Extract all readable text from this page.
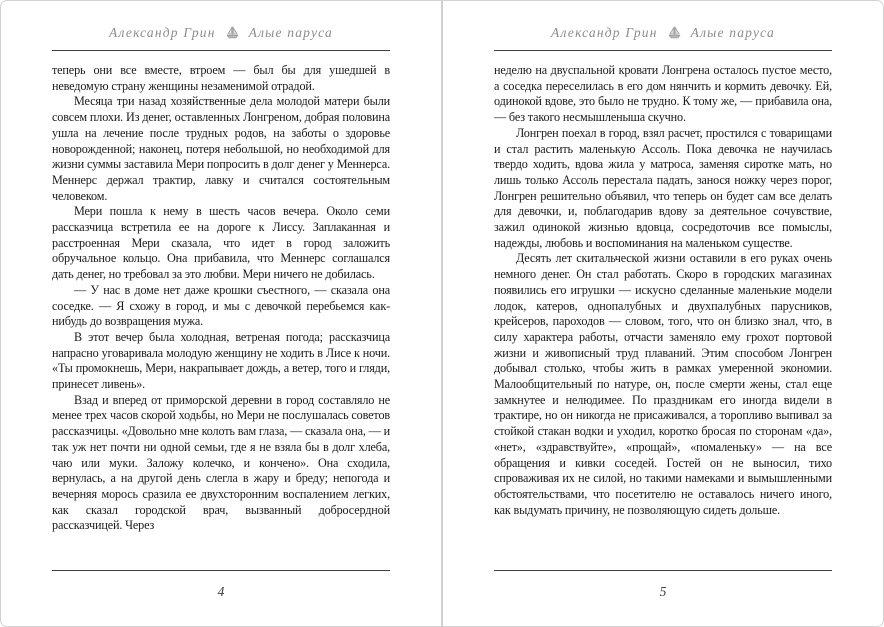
Александр Грин Алые паруса

теперь они все вместе, втроем — был бы для ушедшей в неведомую страну женщины незаменимой отрадой.

Месяца три назад хозяйственные дела молодой матери были совсем плохи. Из денег, оставленных Лонгреном, добрая половина ушла на лечение после трудных родов, на заботы о здоровье новорожденной; наконец, потеря небольшой, но необходимой для жизни суммы заставила Мери попросить в долг денег у Меннерса. Меннерс держал трактир, лавку и считался состоятельным человеком.

Мери пошла к нему в шесть часов вечера. Около семи рассказчица встретила ее на дороге к Лиссу. Заплаканная и расстроенная Мери сказала, что идет в город заложить обручальное кольцо. Она прибавила, что Меннерс соглашался дать денег, но требовал за это любви. Мери ничего не добилась.

— У нас в доме нет даже крошки съестного, — сказала она соседке. — Я схожу в город, и мы с девочкой перебьемся как-нибудь до возвращения мужа.

В этот вечер была холодная, ветреная погода; рассказчица напрасно уговаривала молодую женщину не ходить в Лисе к ночи. «Ты промокнешь, Мери, накрапывает дождь, а ветер, того и гляди, принесет ливень».

Взад и вперед от приморской деревни в город составляло не менее трех часов скорой ходьбы, но Мери не послушалась советов рассказчицы. «Довольно мне колоть вам глаза, — сказала она, — и так уж нет почти ни одной семьи, где я не взяла бы в долг хлеба, чаю или муки. Заложу колечко, и кончено». Она сходила, вернулась, а на другой день слегла в жару и бреду; непогода и вечерняя морось сразила ее двухсторонним воспалением легких, как сказал городской врач, вызванный добросердной рассказчицей. Через

4
Александр Грин Алые паруса

неделю на двуспальной кровати Лонгрена осталось пустое место, а соседка переселилась в его дом нянчить и кормить девочку. Ей, одинокой вдове, это было не трудно. К тому же, — прибавила она, — без такого несмышленыша скучно.

Лонгрен поехал в город, взял расчет, простился с товарищами и стал растить маленькую Ассоль. Пока девочка не научилась твердо ходить, вдова жила у матроса, заменяя сиротке мать, но лишь только Ассоль перестала падать, занося ножку через порог, Лонгрен решительно объявил, что теперь он будет сам все делать для девочки, и, поблагодарив вдову за деятельное сочувствие, зажил одинокой жизнью вдовца, сосредоточив все помыслы, надежды, любовь и воспоминания на маленьком существе.

Десять лет скитальческой жизни оставили в его руках очень немного денег. Он стал работать. Скоро в городских магазинах появились его игрушки — искусно сделанные маленькие модели лодок, катеров, однопалубных и двухпалубных парусников, крейсеров, пароходов — словом, того, что он близко знал, что, в силу характера работы, отчасти заменяло ему грохот портовой жизни и живописный труд плаваний. Этим способом Лонгрен добывал столько, чтобы жить в рамках умеренной экономии. Малообщительный по натуре, он, после смерти жены, стал еще замкнутее и нелюдимее. По праздникам его иногда видели в трактире, но он никогда не присаживался, а торопливо выпивал за стойкой стакан водки и уходил, коротко бросая по сторонам «да», «нет», «здравствуйте», «прощай», «помаленьку» — на все обращения и кивки соседей. Гостей он не выносил, тихо спроваживая их не силой, но такими намеками и вымышленными обстоятельствами, что посетителю не оставалось ничего иного, как выдумать причину, не позволяющую сидеть дольше.

5
